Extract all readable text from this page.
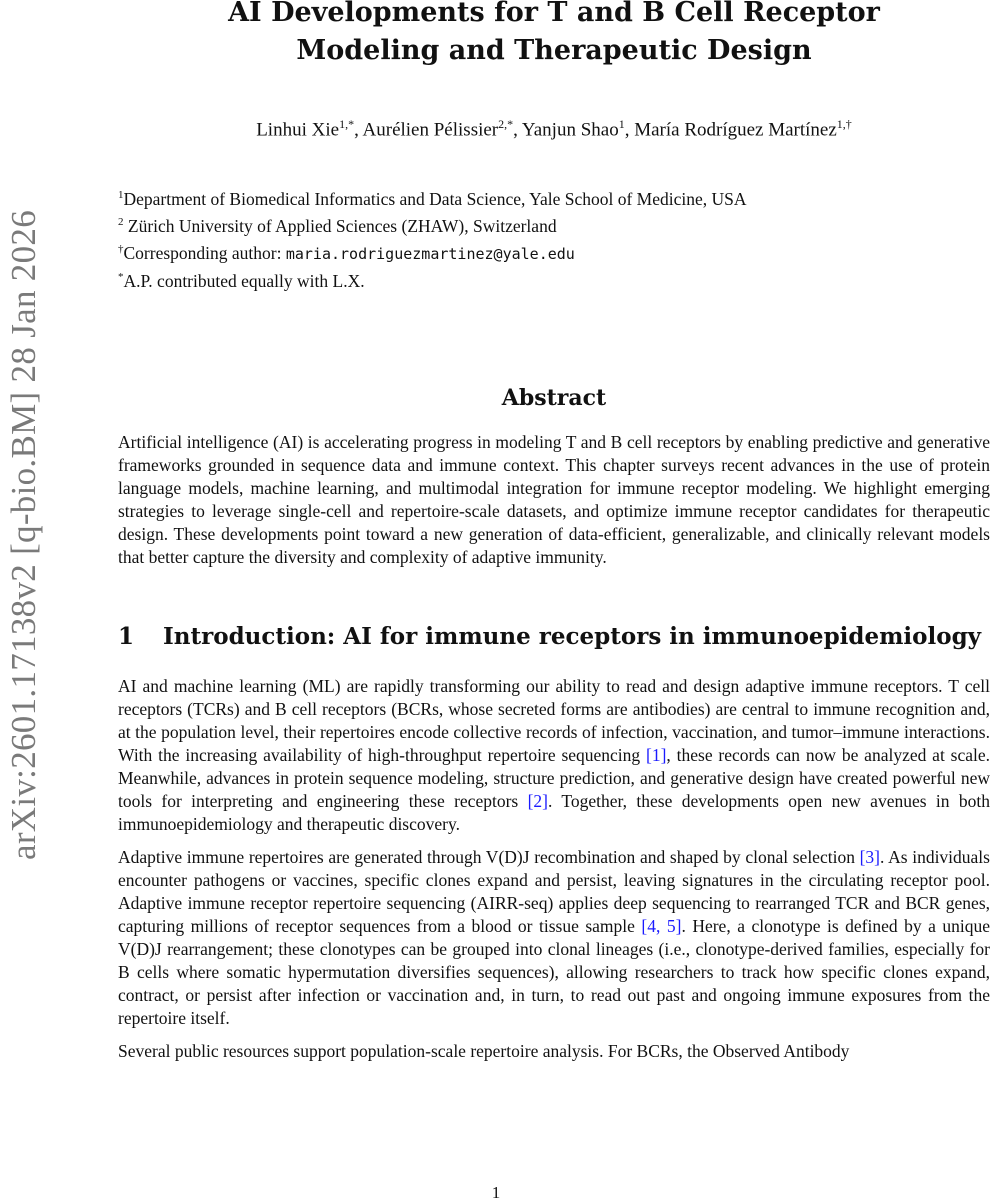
arXiv:2601.17138v2 [q-bio.BM] 28 Jan 2026
AI Developments for T and B Cell Receptor
Modeling and Therapeutic Design
Linhui Xie$^{1,*}$, Aurélien Pélissier$^{2,*}$, Yanjun Shao$^1$, María Rodríguez Martínez$^{1,\dagger}$
$^1$Department of Biomedical Informatics and Data Science, Yale School of Medicine, USA
$^2$ Zürich University of Applied Sciences (ZHAW), Switzerland
†Corresponding author: maria.rodriguezmartinez@yale.edu
*A.P. contributed equally with L.X.
Abstract

Artificial intelligence (AI) is accelerating progress in modeling T and B cell receptors by enabling predictive and generative frameworks grounded in sequence data and immune context. This chapter surveys recent advances in the use of protein language models, machine learning, and multimodal integration for immune receptor modeling. We highlight emerging strategies to leverage single-cell and repertoire-scale datasets, and optimize immune receptor candidates for therapeutic design. These developments point toward a new generation of data-efficient, generalizable, and clinically relevant models that better capture the diversity and complexity of adaptive immunity.

1	Introduction: AI for immune receptors in immunoepidemiology

AI and machine learning (ML) are rapidly transforming our ability to read and design adaptive immune receptors. T cell receptors (TCRs) and B cell receptors (BCRs, whose secreted forms are antibodies) are central to immune recognition and, at the population level, their repertoires encode collective records of infection, vaccination, and tumor–immune interactions. With the increasing availability of high-throughput repertoire sequencing [1], these records can now be analyzed at scale. Meanwhile, advances in protein sequence modeling, structure prediction, and generative design have created powerful new tools for interpreting and engineering these receptors [2]. Together, these developments open new avenues in both immunoepidemiology and therapeutic discovery.

Adaptive immune repertoires are generated through V(D)J recombination and shaped by clonal selection [3]. As individuals encounter pathogens or vaccines, specific clones expand and persist, leaving signatures in the circulating receptor pool. Adaptive immune receptor repertoire sequencing (AIRR-seq) applies deep sequencing to rearranged TCR and BCR genes, capturing millions of receptor sequences from a blood or tissue sample [4, 5]. Here, a clonotype is defined by a unique V(D)J rearrangement; these clonotypes can be grouped into clonal lineages (i.e., clonotype-derived families, especially for B cells where somatic hypermutation diversifies sequences), allowing researchers to track how specific clones expand, contract, or persist after infection or vaccination and, in turn, to read out past and ongoing immune exposures from the repertoire itself.

Several public resources support population-scale repertoire analysis. For BCRs, the Observed Antibody

1
